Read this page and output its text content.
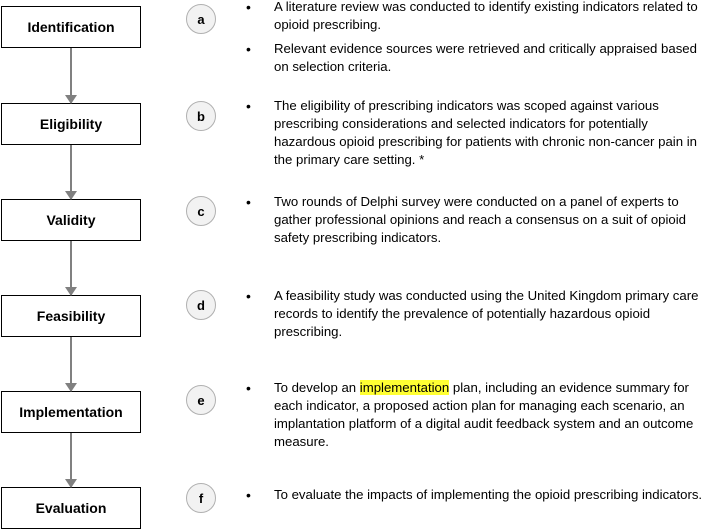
Identification
Eligibility
Validity
Feasibility
Implementation
Evaluation
a
b
c
d
e
f
• A literature review was conducted to identify existing indicators related to opioid prescribing.
• Relevant evidence sources were retrieved and critically appraised based on selection criteria.
• The eligibility of prescribing indicators was scoped against various prescribing considerations and selected indicators for potentially hazardous opioid prescribing for patients with chronic non-cancer pain in the primary care setting. *
• Two rounds of Delphi survey were conducted on a panel of experts to gather professional opinions and reach a consensus on a suit of opioid safety prescribing indicators.
• A feasibility study was conducted using the United Kingdom primary care records to identify the prevalence of potentially hazardous opioid prescribing.
• To develop an implementation plan, including an evidence summary for each indicator, a proposed action plan for managing each scenario, an implantation platform of a digital audit feedback system and an outcome measure.
• To evaluate the impacts of implementing the opioid prescribing indicators.
